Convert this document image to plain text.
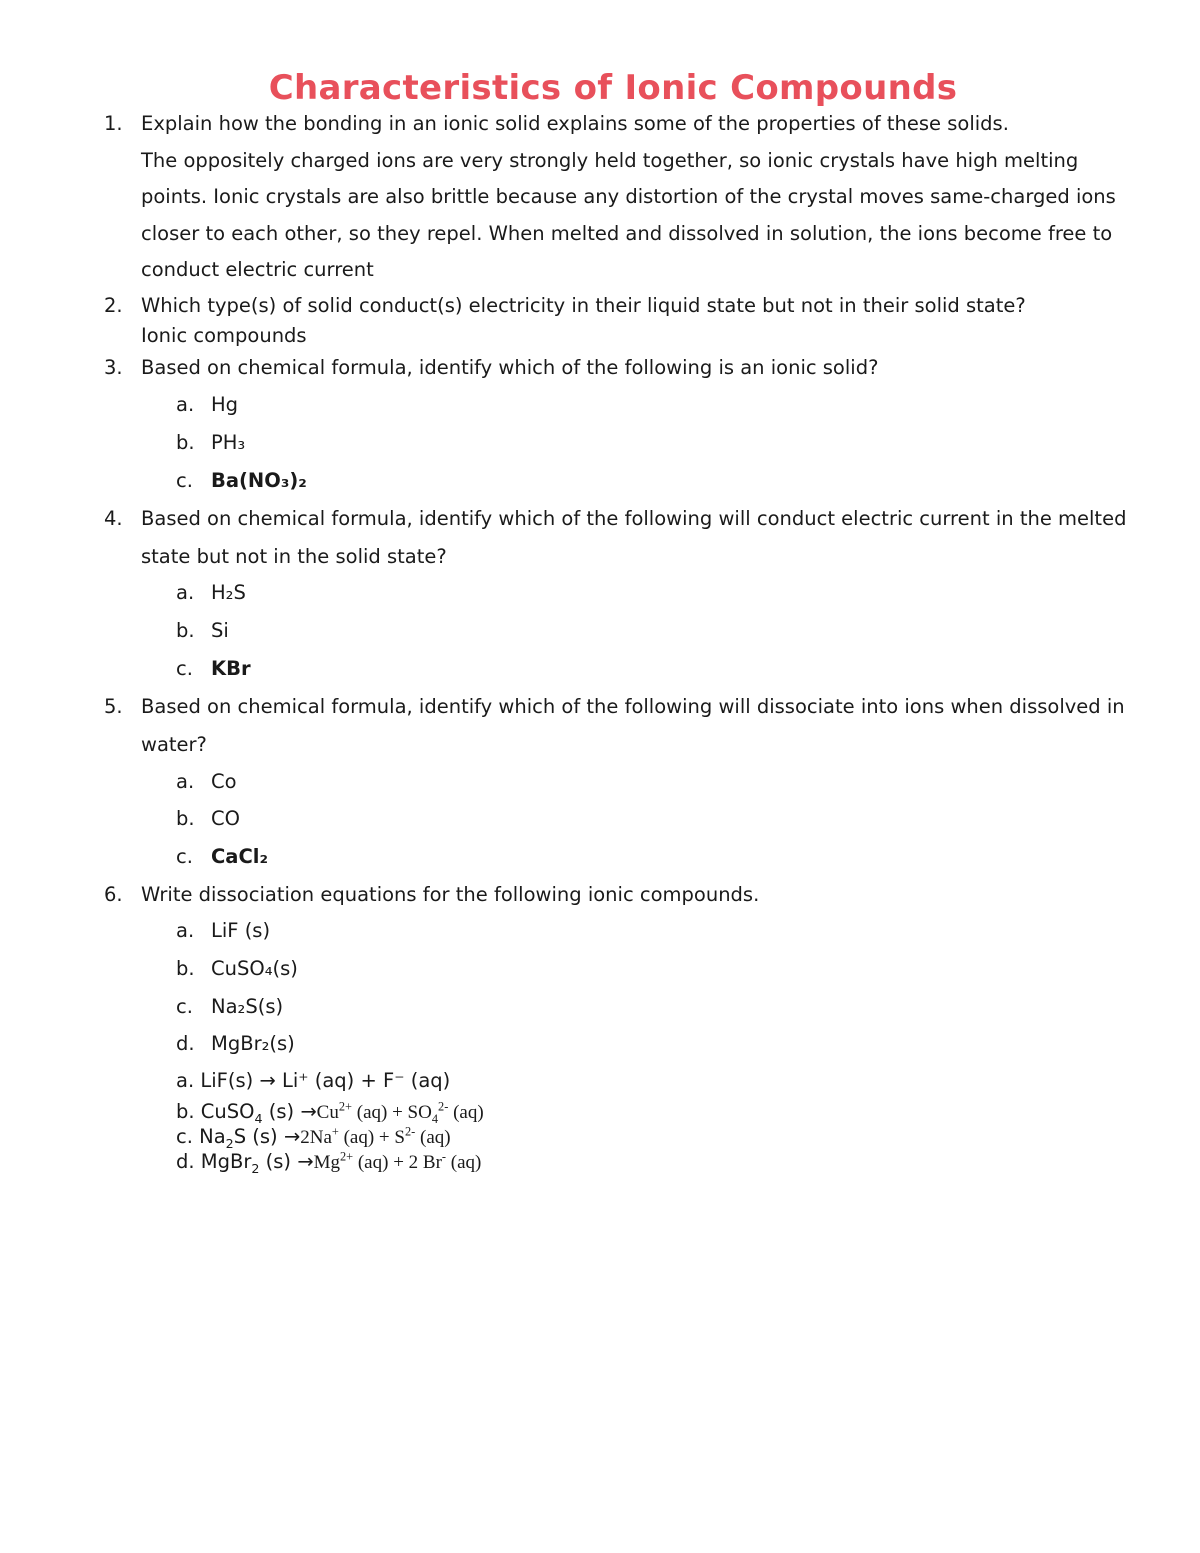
Characteristics of Ionic Compounds
1. Explain how the bonding in an ionic solid explains some of the properties of these solids.
The oppositely charged ions are very strongly held together, so ionic crystals have high melting points. Ionic crystals are also brittle because any distortion of the crystal moves same-charged ions closer to each other, so they repel. When melted and dissolved in solution, the ions become free to conduct electric current
2. Which type(s) of solid conduct(s) electricity in their liquid state but not in their solid state?
Ionic compounds
3. Based on chemical formula, identify which of the following is an ionic solid?
a. Hg
b. PH₃
c. Ba(NO₃)₂
4. Based on chemical formula, identify which of the following will conduct electric current in the melted state but not in the solid state?
a. H₂S
b. Si
c. KBr
5. Based on chemical formula, identify which of the following will dissociate into ions when dissolved in water?
a. Co
b. CO
c. CaCl₂
6. Write dissociation equations for the following ionic compounds.
a. LiF (s)
b. CuSO₄(s)
c. Na₂S(s)
d. MgBr₂(s)
a. LiF(s) → Li⁺ (aq) + F⁻ (aq)
b. CuSO$_4$ $(s) \to Cu^{2+}$ $(aq) + SO_4^{2-}$ (aq)
c. $Na_2S$ (s) →2Na+ $(aq) + S^{2-}$ (aq)
d. MgBr$_2$ $(s) \to Mg^{2+}$ (aq) + 2 Br- (aq)
